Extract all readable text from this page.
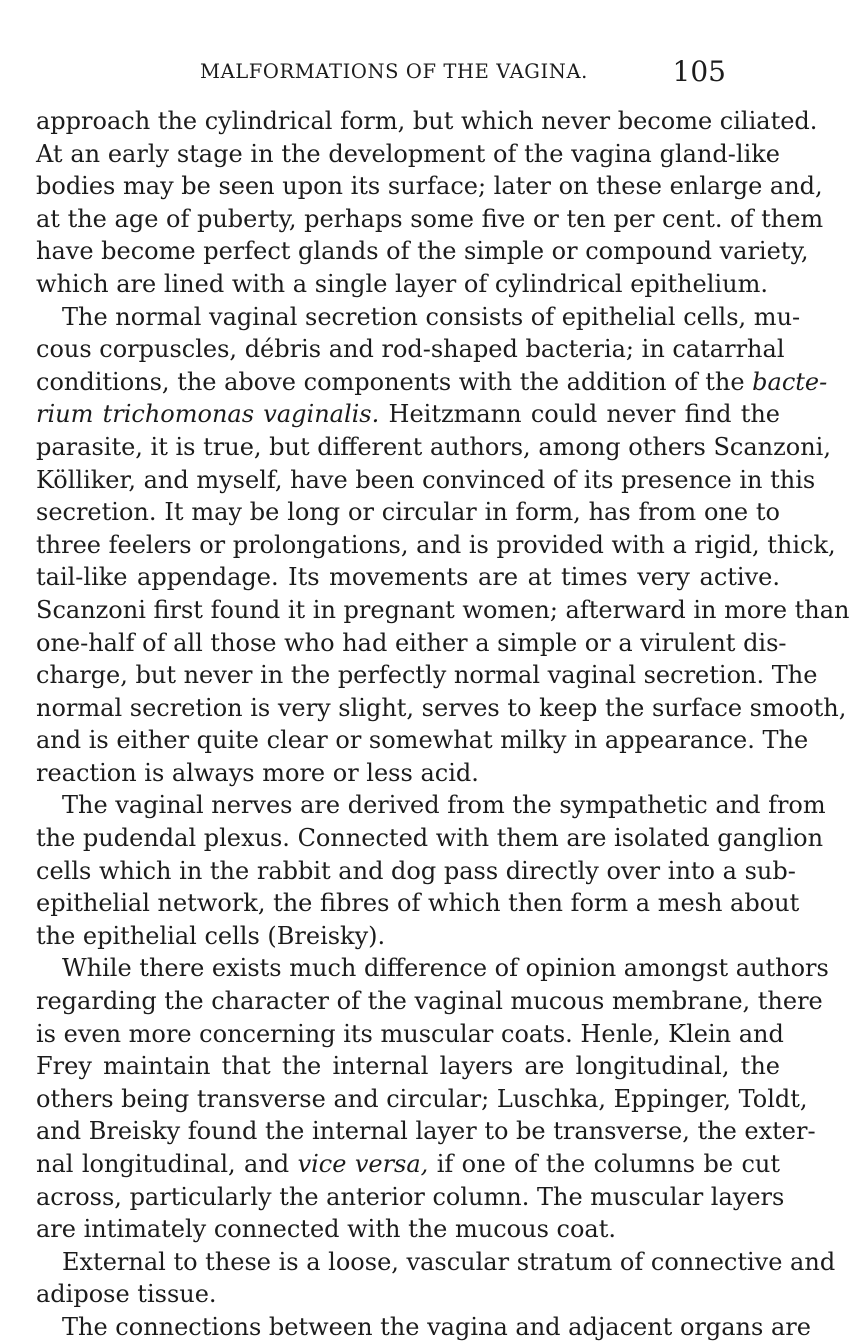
MALFORMATIONS OF THE VAGINA.	105
approach the cylindrical form, but which never become ciliated.
At an early stage in the development of the vagina gland-like
bodies may be seen upon its surface; later on these enlarge and,
at the age of puberty, perhaps some five or ten per cent. of them
have become perfect glands of the simple or compound variety,
which are lined with a single layer of cylindrical epithelium.
The normal vaginal secretion consists of epithelial cells, mu-
cous corpuscles, débris and rod-shaped bacteria; in catarrhal
conditions, the above components with the addition of the bacte-
rium trichomonas vaginalis. Heitzmann could never find the
parasite, it is true, but different authors, among others Scanzoni,
Kölliker, and myself, have been convinced of its presence in this
secretion. It may be long or circular in form, has from one to
three feelers or prolongations, and is provided with a rigid, thick,
tail-like appendage. Its movements are at times very active.
Scanzoni first found it in pregnant women; afterward in more than
one-half of all those who had either a simple or a virulent dis-
charge, but never in the perfectly normal vaginal secretion. The
normal secretion is very slight, serves to keep the surface smooth,
and is either quite clear or somewhat milky in appearance. The
reaction is always more or less acid.
The vaginal nerves are derived from the sympathetic and from
the pudendal plexus. Connected with them are isolated ganglion
cells which in the rabbit and dog pass directly over into a sub-
epithelial network, the fibres of which then form a mesh about
the epithelial cells (Breisky).
While there exists much difference of opinion amongst authors
regarding the character of the vaginal mucous membrane, there
is even more concerning its muscular coats. Henle, Klein and
Frey maintain that the internal layers are longitudinal, the
others being transverse and circular; Luschka, Eppinger, Toldt,
and Breisky found the internal layer to be transverse, the exter-
nal longitudinal, and vice versa, if one of the columns be cut
across, particularly the anterior column. The muscular layers
are intimately connected with the mucous coat.
External to these is a loose, vascular stratum of connective and
adipose tissue.
The connections between the vagina and adjacent organs are
